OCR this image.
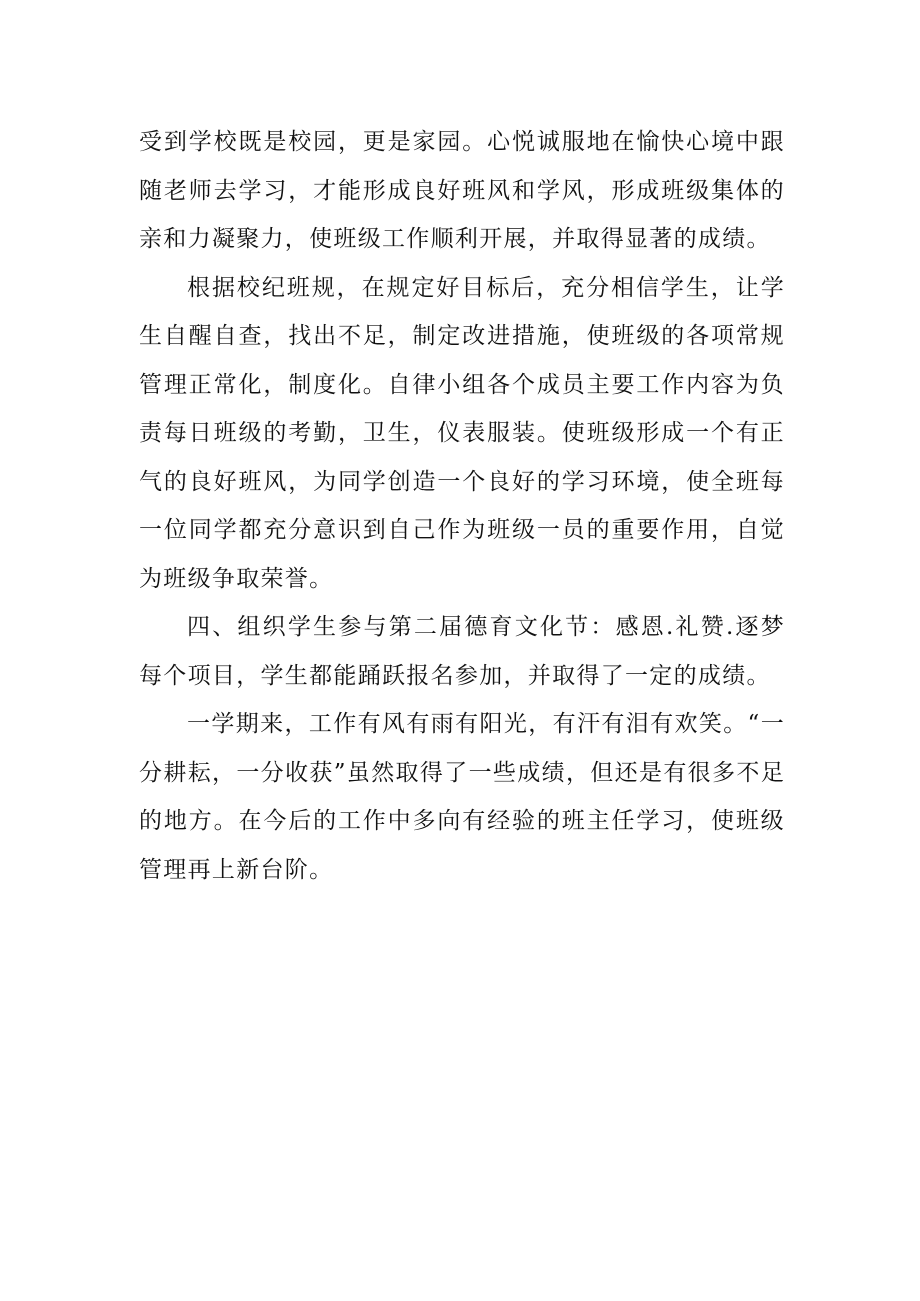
受到学校既是校园，更是家园。心悦诚服地在愉快心境中跟随老师去学习，才能形成良好班风和学风，形成班级集体的亲和力凝聚力，使班级工作顺利开展，并取得显著的成绩。

根据校纪班规，在规定好目标后，充分相信学生，让学生自醒自查，找出不足，制定改进措施，使班级的各项常规管理正常化，制度化。自律小组各个成员主要工作内容为负责每日班级的考勤，卫生，仪表服装。使班级形成一个有正气的良好班风，为同学创造一个良好的学习环境，使全班每一位同学都充分意识到自己作为班级一员的重要作用，自觉为班级争取荣誉。

四、组织学生参与第二届德育文化节：感恩.礼赞.逐梦每个项目，学生都能踊跃报名参加，并取得了一定的成绩。

一学期来，工作有风有雨有阳光，有汗有泪有欢笑。“一分耕耘，一分收获”虽然取得了一些成绩，但还是有很多不足的地方。在今后的工作中多向有经验的班主任学习，使班级管理再上新台阶。
